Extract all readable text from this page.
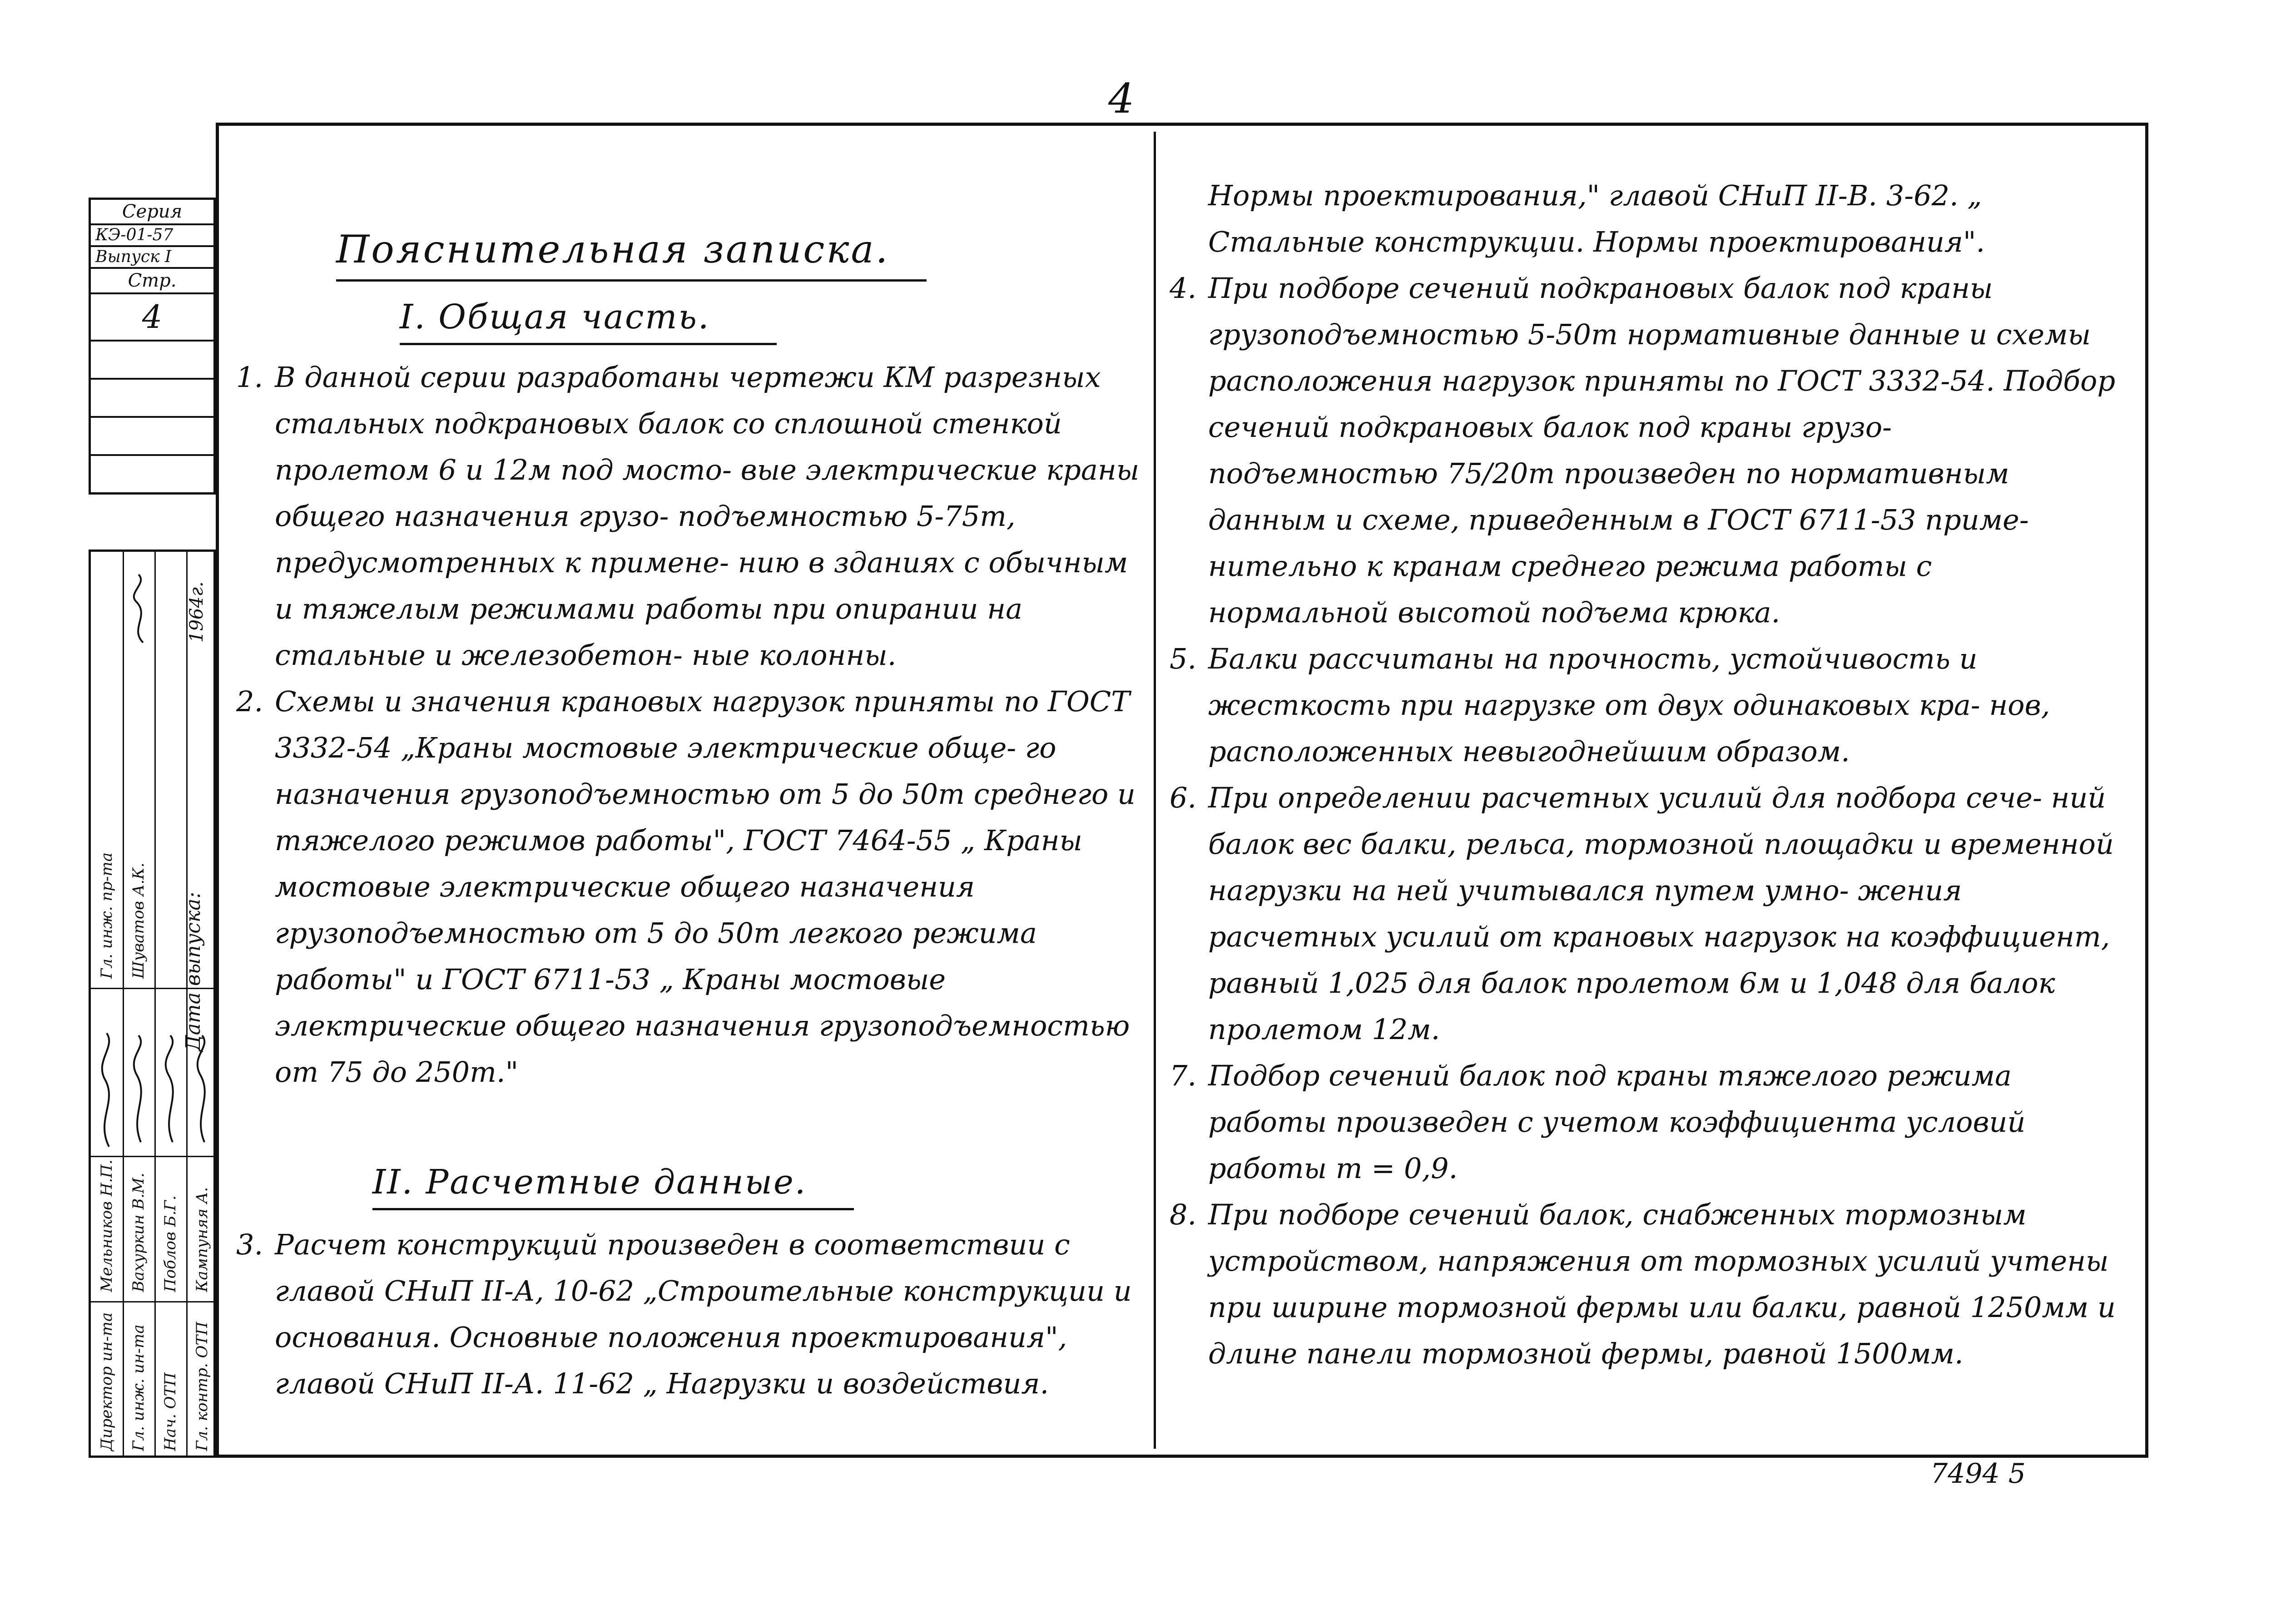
4
Серия
КЭ-01-57
Выпуск I
Стр.
4
Директор ин-та Гл. инж. ин-та Нач. ОТП Гл. контр. ОТП
Мельников Н.П. Вахуркин В.М. Поблов Б.Г. Кампуняя А.
Гл. инж. пр-та Шуватов А.К. Дата выпуска:
1964г.
Пояснительная записка.
I. Общая часть.
1. В данной серии разработаны чертежи КМ разрезных стальных подкрановых балок со сплошной стенкой пролетом 6 и 12м под мосто- вые электрические краны общего назначения грузо- подъемностью 5-75т, предусмотренных к примене- нию в зданиях с обычным и тяжелым режимами работы при опирании на стальные и железобетон- ные колонны.

2. Схемы и значения крановых нагрузок приняты по ГОСТ 3332-54 „Краны мостовые электрические обще- го назначения грузоподъемностью от 5 до 50т среднего и тяжелого режимов работы", ГОСТ 7464-55 „ Краны мостовые электрические общего назначения грузоподъемностью от 5 до 50т легкого режима работы" и ГОСТ 6711-53 „ Краны мостовые электрические общего назначения грузоподъемностью от 75 до 250т."

II. Расчетные данные.
3. Расчет конструкций произведен в соответствии с главой СНиП II-А, 10-62 „Строительные конструкции и основания. Основные положения проектирования", главой СНиП II-А. 11-62 „ Нагрузки и воздействия.

Нормы проектирования," главой СНиП II-В. 3-62. „ Стальные конструкции. Нормы проектирования".

4. При подборе сечений подкрановых балок под краны грузоподъемностью 5-50т нормативные данные и схемы расположения нагрузок приняты по ГОСТ 3332-54. Подбор сечений подкрановых балок под краны грузо- подъемностью 75/20т произведен по нормативным данным и схеме, приведенным в ГОСТ 6711-53 приме- нительно к кранам среднего режима работы с нормальной высотой подъема крюка.

5. Балки рассчитаны на прочность, устойчивость и жесткость при нагрузке от двух одинаковых кра- нов, расположенных невыгоднейшим образом.

6. При определении расчетных усилий для подбора сече- ний балок вес балки, рельса, тормозной площадки и временной нагрузки на ней учитывался путем умно- жения расчетных усилий от крановых нагрузок на коэффициент, равный 1,025 для балок пролетом 6м и 1,048 для балок пролетом 12м.

7. Подбор сечений балок под краны тяжелого режима работы произведен с учетом коэффициента условий работы m = 0,9.

8. При подборе сечений балок, снабженных тормозным устройством, напряжения от тормозных усилий учтены при ширине тормозной фермы или балки, равной 1250мм и длине панели тормозной фермы, равной 1500мм.

7494 5
